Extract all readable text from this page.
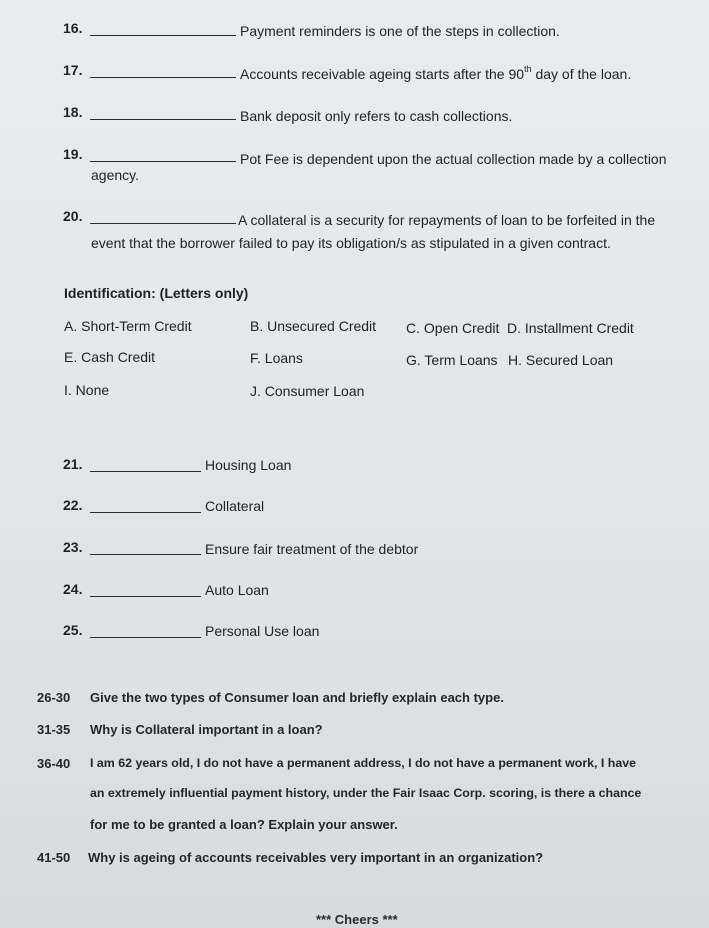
16.	Payment reminders is one of the steps in collection.
17.	Accounts receivable ageing starts after the 90th day of the loan.
18.	Bank deposit only refers to cash collections.
19.	Pot Fee is dependent upon the actual collection made by a collection
agency.
20.	A collateral is a security for repayments of loan to be forfeited in the
event that the borrower failed to pay its obligation/s as stipulated in a given contract.
Identification: (Letters only)
A. Short-Term Credit	B. Unsecured Credit C. Open Credit D. Installment Credit
E. Cash Credit	F. Loans	G. Term Loans H. Secured Loan
I. None	J. Consumer Loan
21.	Housing Loan
22.	Collateral
23.	Ensure fair treatment of the debtor
24.	Auto Loan
25.	Personal Use loan
26-30 Give the two types of Consumer loan and briefly explain each type.
31-35 Why is Collateral important in a loan?
36-40 I am 62 years old, I do not have a permanent address, I do not have a permanent work, I have
an extremely influential payment history, under the Fair Isaac Corp. scoring, is there a chance
for me to be granted a loan? Explain your answer.
41-50 Why is ageing of accounts receivables very important in an organization?
*** Cheers ***
